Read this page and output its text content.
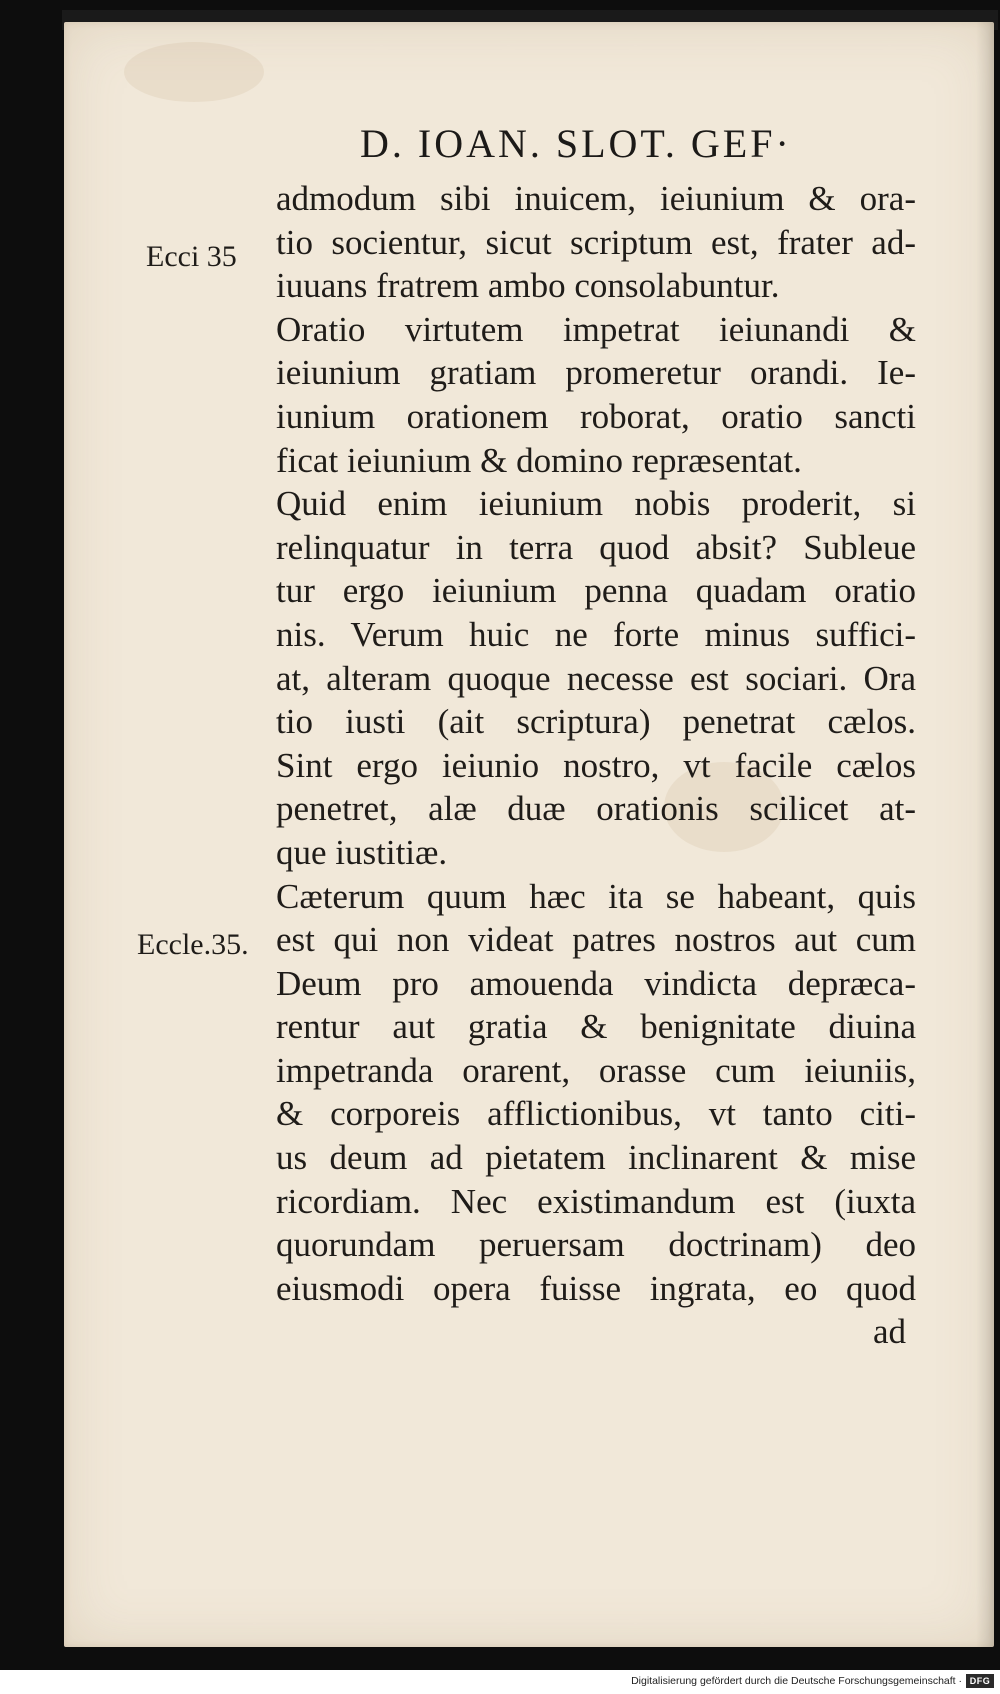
D. IOAN. SLOT. GEF·
Ecci 35
Eccle.35.
admodum sibi inuicem, ieiunium & ora-
tio socientur, sicut scriptum est, frater ad-
iuuans fratrem ambo consolabuntur.
Oratio virtutem impetrat ieiunandi &
ieiunium gratiam promeretur orandi. Ie-
iunium orationem roborat, oratio sancti
ficat ieiunium & domino repræsentat.
Quid enim ieiunium nobis proderit, si
relinquatur in terra quod absit? Subleue
tur ergo ieiunium penna quadam oratio
nis. Verum huic ne forte minus suffici-
at, alteram quoque necesse est sociari. Ora
tio iusti (ait scriptura) penetrat cælos.
Sint ergo ieiunio nostro, vt facile cælos
penetret, alæ duæ orationis scilicet at-
que iustitiæ.
Cæterum quum hæc ita se habeant, quis
est qui non videat patres nostros aut cum
Deum pro amouenda vindicta depræca-
rentur aut gratia & benignitate diuina
impetranda orarent, orasse cum ieiuniis,
& corporeis afflictionibus, vt tanto citi-
us deum ad pietatem inclinarent & mise
ricordiam. Nec existimandum est (iuxta
quorundam peruersam doctrinam) deo
eiusmodi opera fuisse ingrata, eo quod
ad
Digitalisierung gefördert durch die Deutsche Forschungsgemeinschaft · DFG
